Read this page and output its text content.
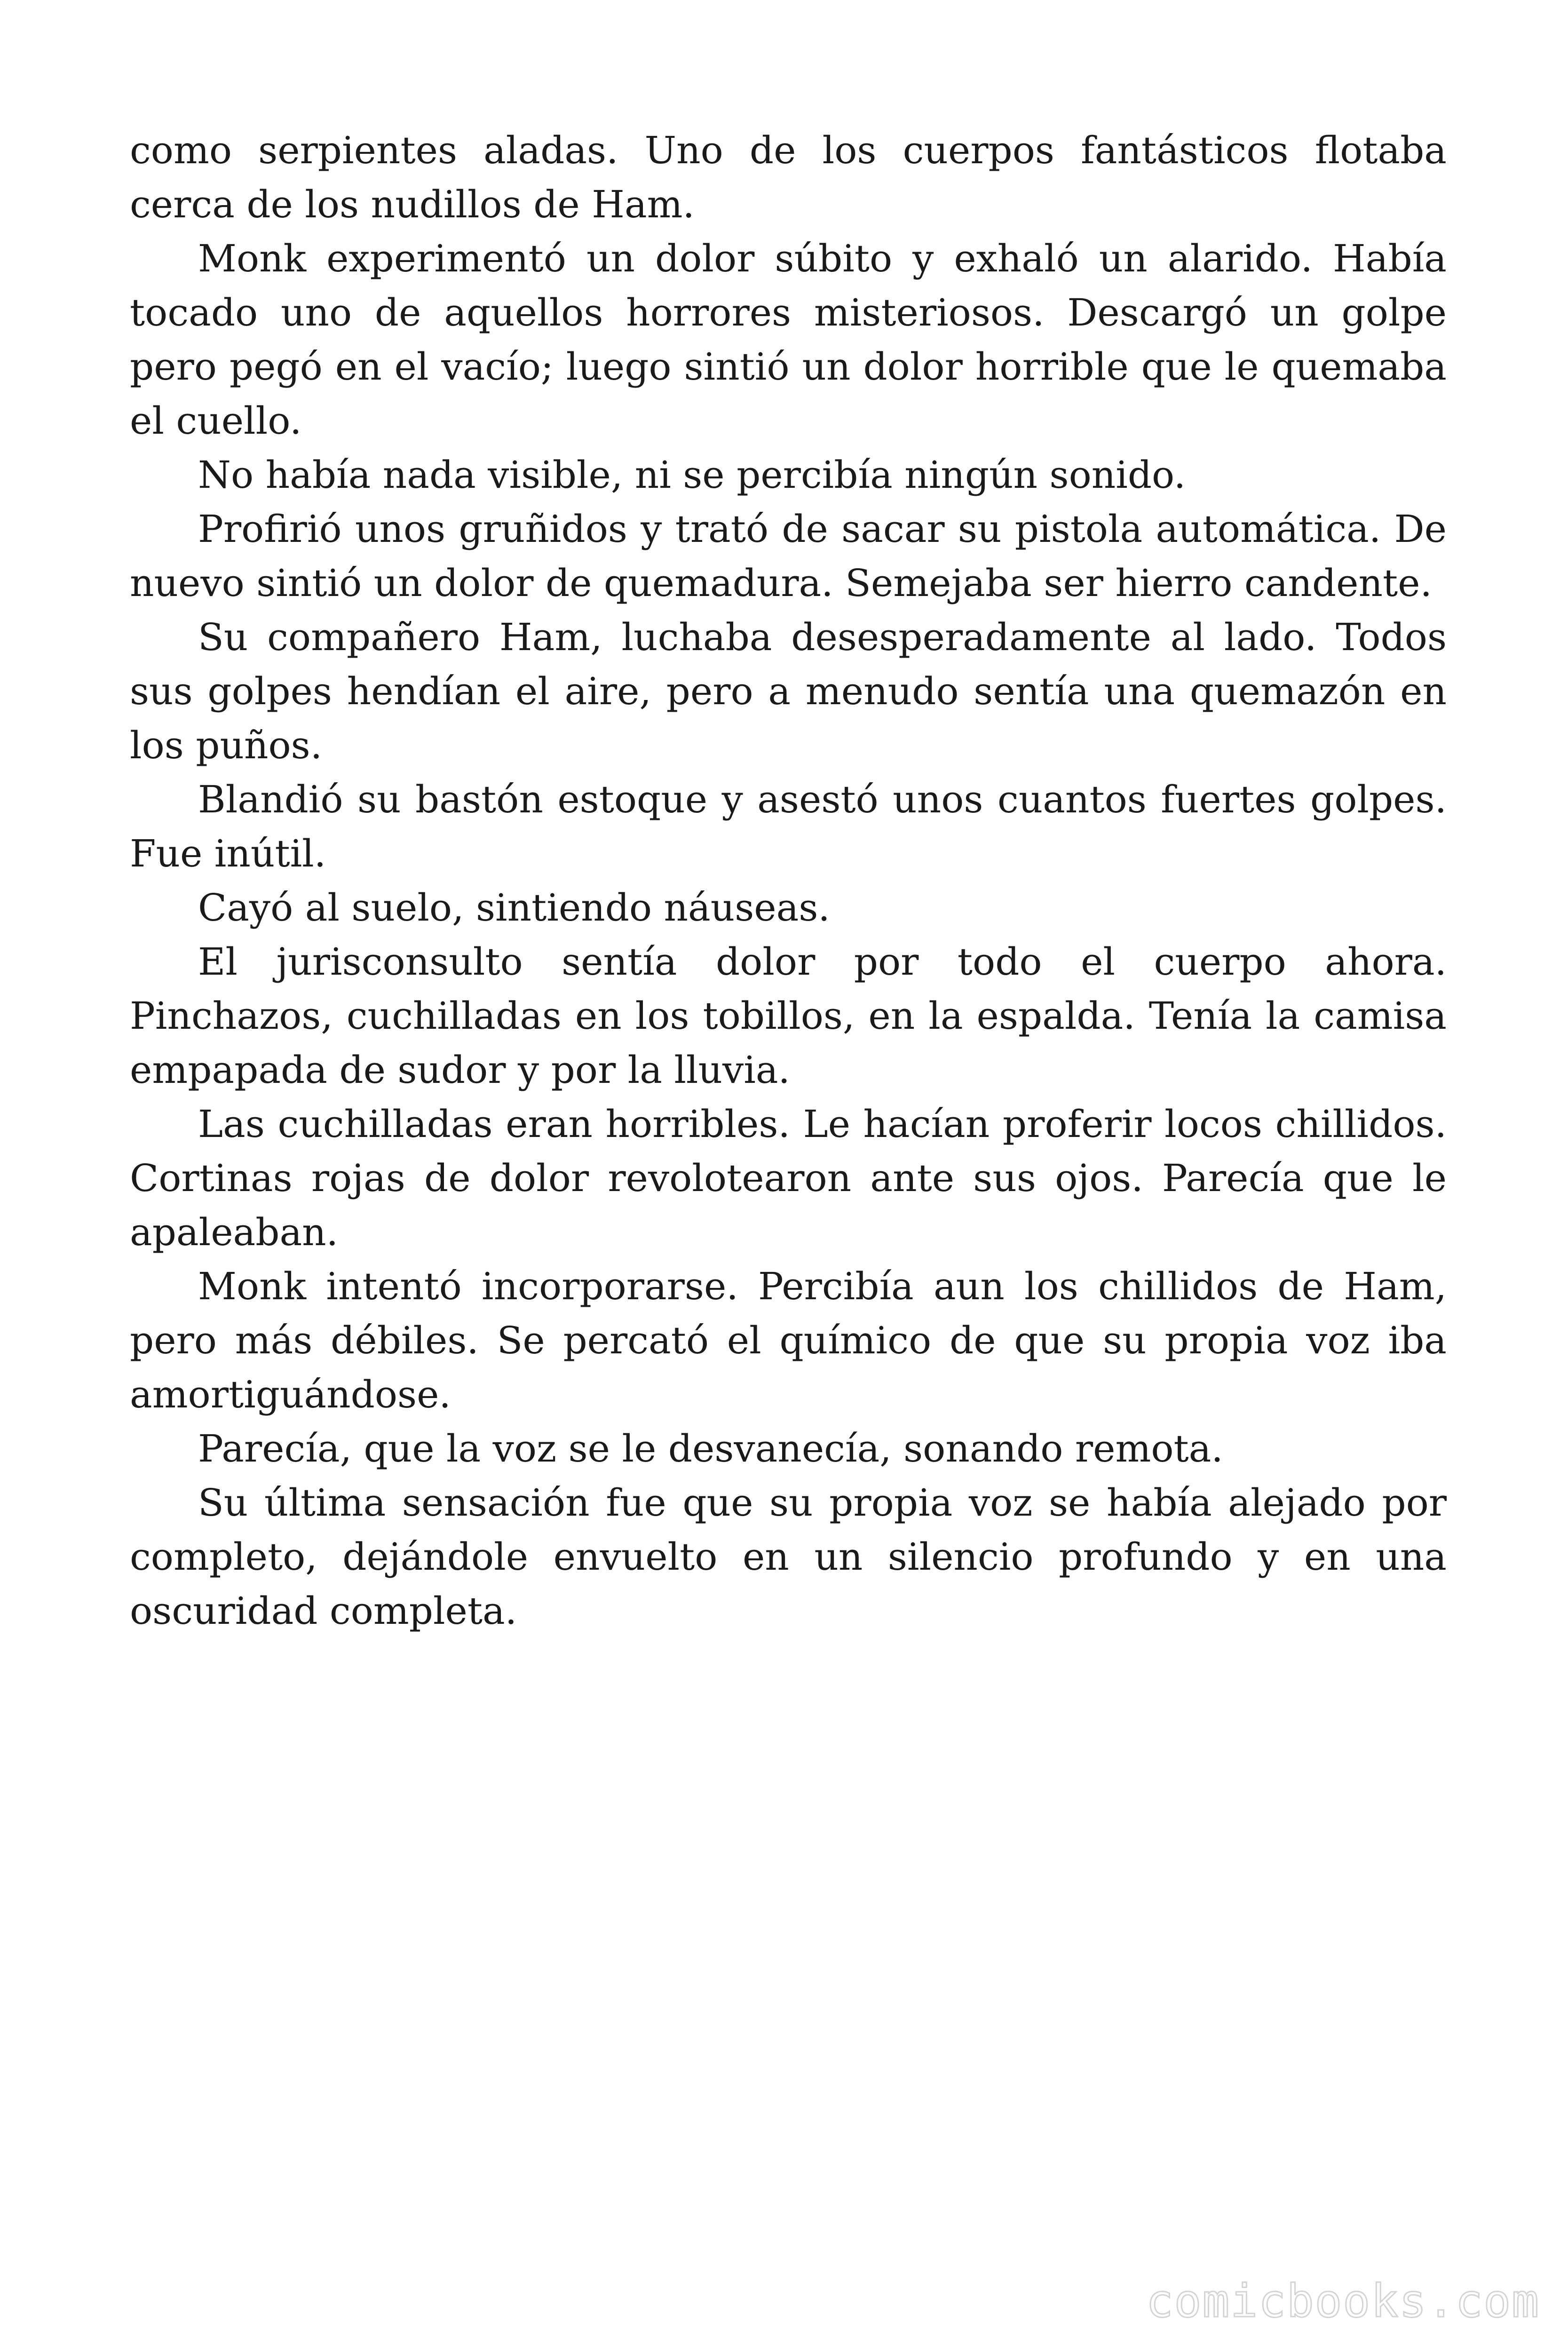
como serpientes aladas. Uno de los cuerpos fantásticos flotaba cerca de los nudillos de Ham.

Monk experimentó un dolor súbito y exhaló un alarido. Había tocado uno de aquellos horrores misteriosos. Descargó un golpe pero pegó en el vacío; luego sintió un dolor horrible que le quemaba el cuello.

No había nada visible, ni se percibía ningún sonido.

Profirió unos gruñidos y trató de sacar su pistola automática. De nuevo sintió un dolor de quemadura. Semejaba ser hierro candente.

Su compañero Ham, luchaba desesperadamente al lado. Todos sus golpes hendían el aire, pero a menudo sentía una quemazón en los puños.

Blandió su bastón estoque y asestó unos cuantos fuertes golpes. Fue inútil.

Cayó al suelo, sintiendo náuseas.

El jurisconsulto sentía dolor por todo el cuerpo ahora. Pinchazos, cuchilladas en los tobillos, en la espalda. Tenía la camisa empapada de sudor y por la lluvia.

Las cuchilladas eran horribles. Le hacían proferir locos chillidos. Cortinas rojas de dolor revolotearon ante sus ojos. Parecía que le apaleaban.

Monk intentó incorporarse. Percibía aun los chillidos de Ham, pero más débiles. Se percató el químico de que su propia voz iba amortiguándose.

Parecía, que la voz se le desvanecía, sonando remota.

Su última sensación fue que su propia voz se había alejado por completo, dejándole envuelto en un silencio profundo y en una oscuridad completa.

comicbooks.com
